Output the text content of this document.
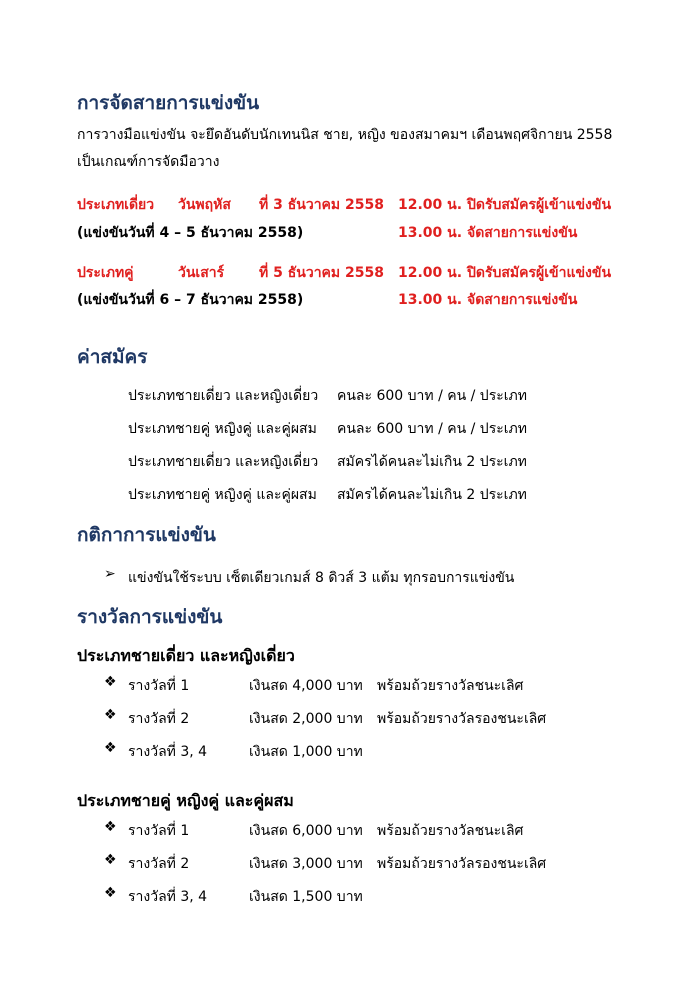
การจัดสายการแข่งขัน
การวางมือแข่งขัน จะยึดอันดับนักเทนนิส ชาย, หญิง ของสมาคมฯ เดือนพฤศจิกายน 2558
เป็นเกณฑ์การจัดมือวาง
ประเภทเดี่ยว วันพฤหัส ที่ 3 ธันวาคม 2558 12.00 น. ปิดรับสมัครผู้เข้าแข่งขัน
(แข่งขันวันที่ 4 – 5 ธันวาคม 2558)	13.00 น. จัดสายการแข่งขัน
ประเภทคู่	วันเสาร์ ที่ 5 ธันวาคม 2558 12.00 น. ปิดรับสมัครผู้เข้าแข่งขัน
(แข่งขันวันที่ 6 – 7 ธันวาคม 2558)	13.00 น. จัดสายการแข่งขัน
ค่าสมัคร
ประเภทชายเดี่ยว และหญิงเดี่ยว คนละ 600 บาท / คน / ประเภท
ประเภทชายคู่ หญิงคู่ และคู่ผสม คนละ 600 บาท / คน / ประเภท
ประเภทชายเดี่ยว และหญิงเดี่ยว สมัครได้คนละไม่เกิน 2 ประเภท
ประเภทชายคู่ หญิงคู่ และคู่ผสม สมัครได้คนละไม่เกิน 2 ประเภท
กติกาการแข่งขัน
➢ แข่งขันใช้ระบบ เซ็ตเดียวเกมส์ 8 ดิวส์ 3 แต้ม ทุกรอบการแข่งขัน
รางวัลการแข่งขัน
ประเภทชายเดี่ยว และหญิงเดี่ยว
❖ รางวัลที่ 1	เงินสด 4,000 บาท พร้อมถ้วยรางวัลชนะเลิศ
❖ รางวัลที่ 2	เงินสด 2,000 บาท พร้อมถ้วยรางวัลรองชนะเลิศ
❖ รางวัลที่ 3, 4	เงินสด 1,000 บาท
ประเภทชายคู่ หญิงคู่ และคู่ผสม
❖ รางวัลที่ 1	เงินสด 6,000 บาท พร้อมถ้วยรางวัลชนะเลิศ
❖ รางวัลที่ 2	เงินสด 3,000 บาท พร้อมถ้วยรางวัลรองชนะเลิศ
❖ รางวัลที่ 3, 4	เงินสด 1,500 บาท
